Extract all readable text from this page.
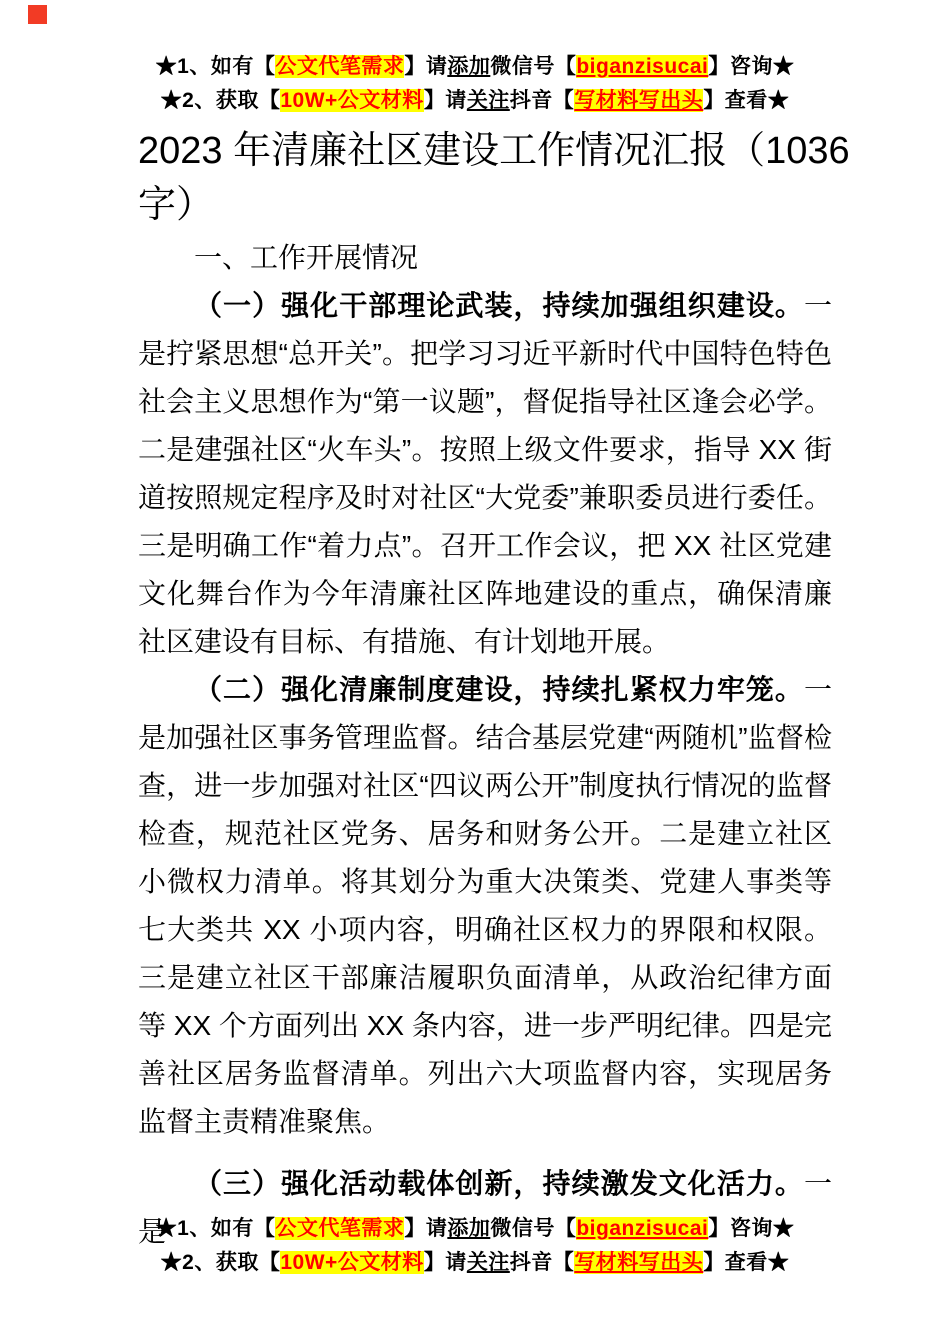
★1、如有【公文代笔需求】请添加微信号【biganzisucai】咨询★
★2、获取【10W+公文材料】请关注抖音【写材料写出头】查看★
2023 年清廉社区建设工作情况汇报（1036 字）

一、工作开展情况

（一）强化干部理论武装，持续加强组织建设。一是拧紧思想“总开关”。把学习习近平新时代中国特色特色社会主义思想作为“第一议题”，督促指导社区逢会必学。二是建强社区“火车头”。按照上级文件要求，指导 XX 街道按照规定程序及时对社区“大党委”兼职委员进行委任。三是明确工作“着力点”。召开工作会议，把 XX 社区党建文化舞台作为今年清廉社区阵地建设的重点，确保清廉社区建设有目标、有措施、有计划地开展。

（二）强化清廉制度建设，持续扎紧权力牢笼。一是加强社区事务管理监督。结合基层党建“两随机”监督检查，进一步加强对社区“四议两公开”制度执行情况的监督检查，规范社区党务、居务和财务公开。二是建立社区小微权力清单。将其划分为重大决策类、党建人事类等七大类共 XX 小项内容，明确社区权力的界限和权限。三是建立社区干部廉洁履职负面清单，从政治纪律方面等 XX 个方面列出 XX 条内容，进一步严明纪律。四是完善社区居务监督清单。列出六大项监督内容，实现居务监督主责精准聚焦。

（三）强化活动载体创新，持续激发文化活力。一是

★1、如有【公文代笔需求】请添加微信号【biganzisucai】咨询★
★2、获取【10W+公文材料】请关注抖音【写材料写出头】查看★
